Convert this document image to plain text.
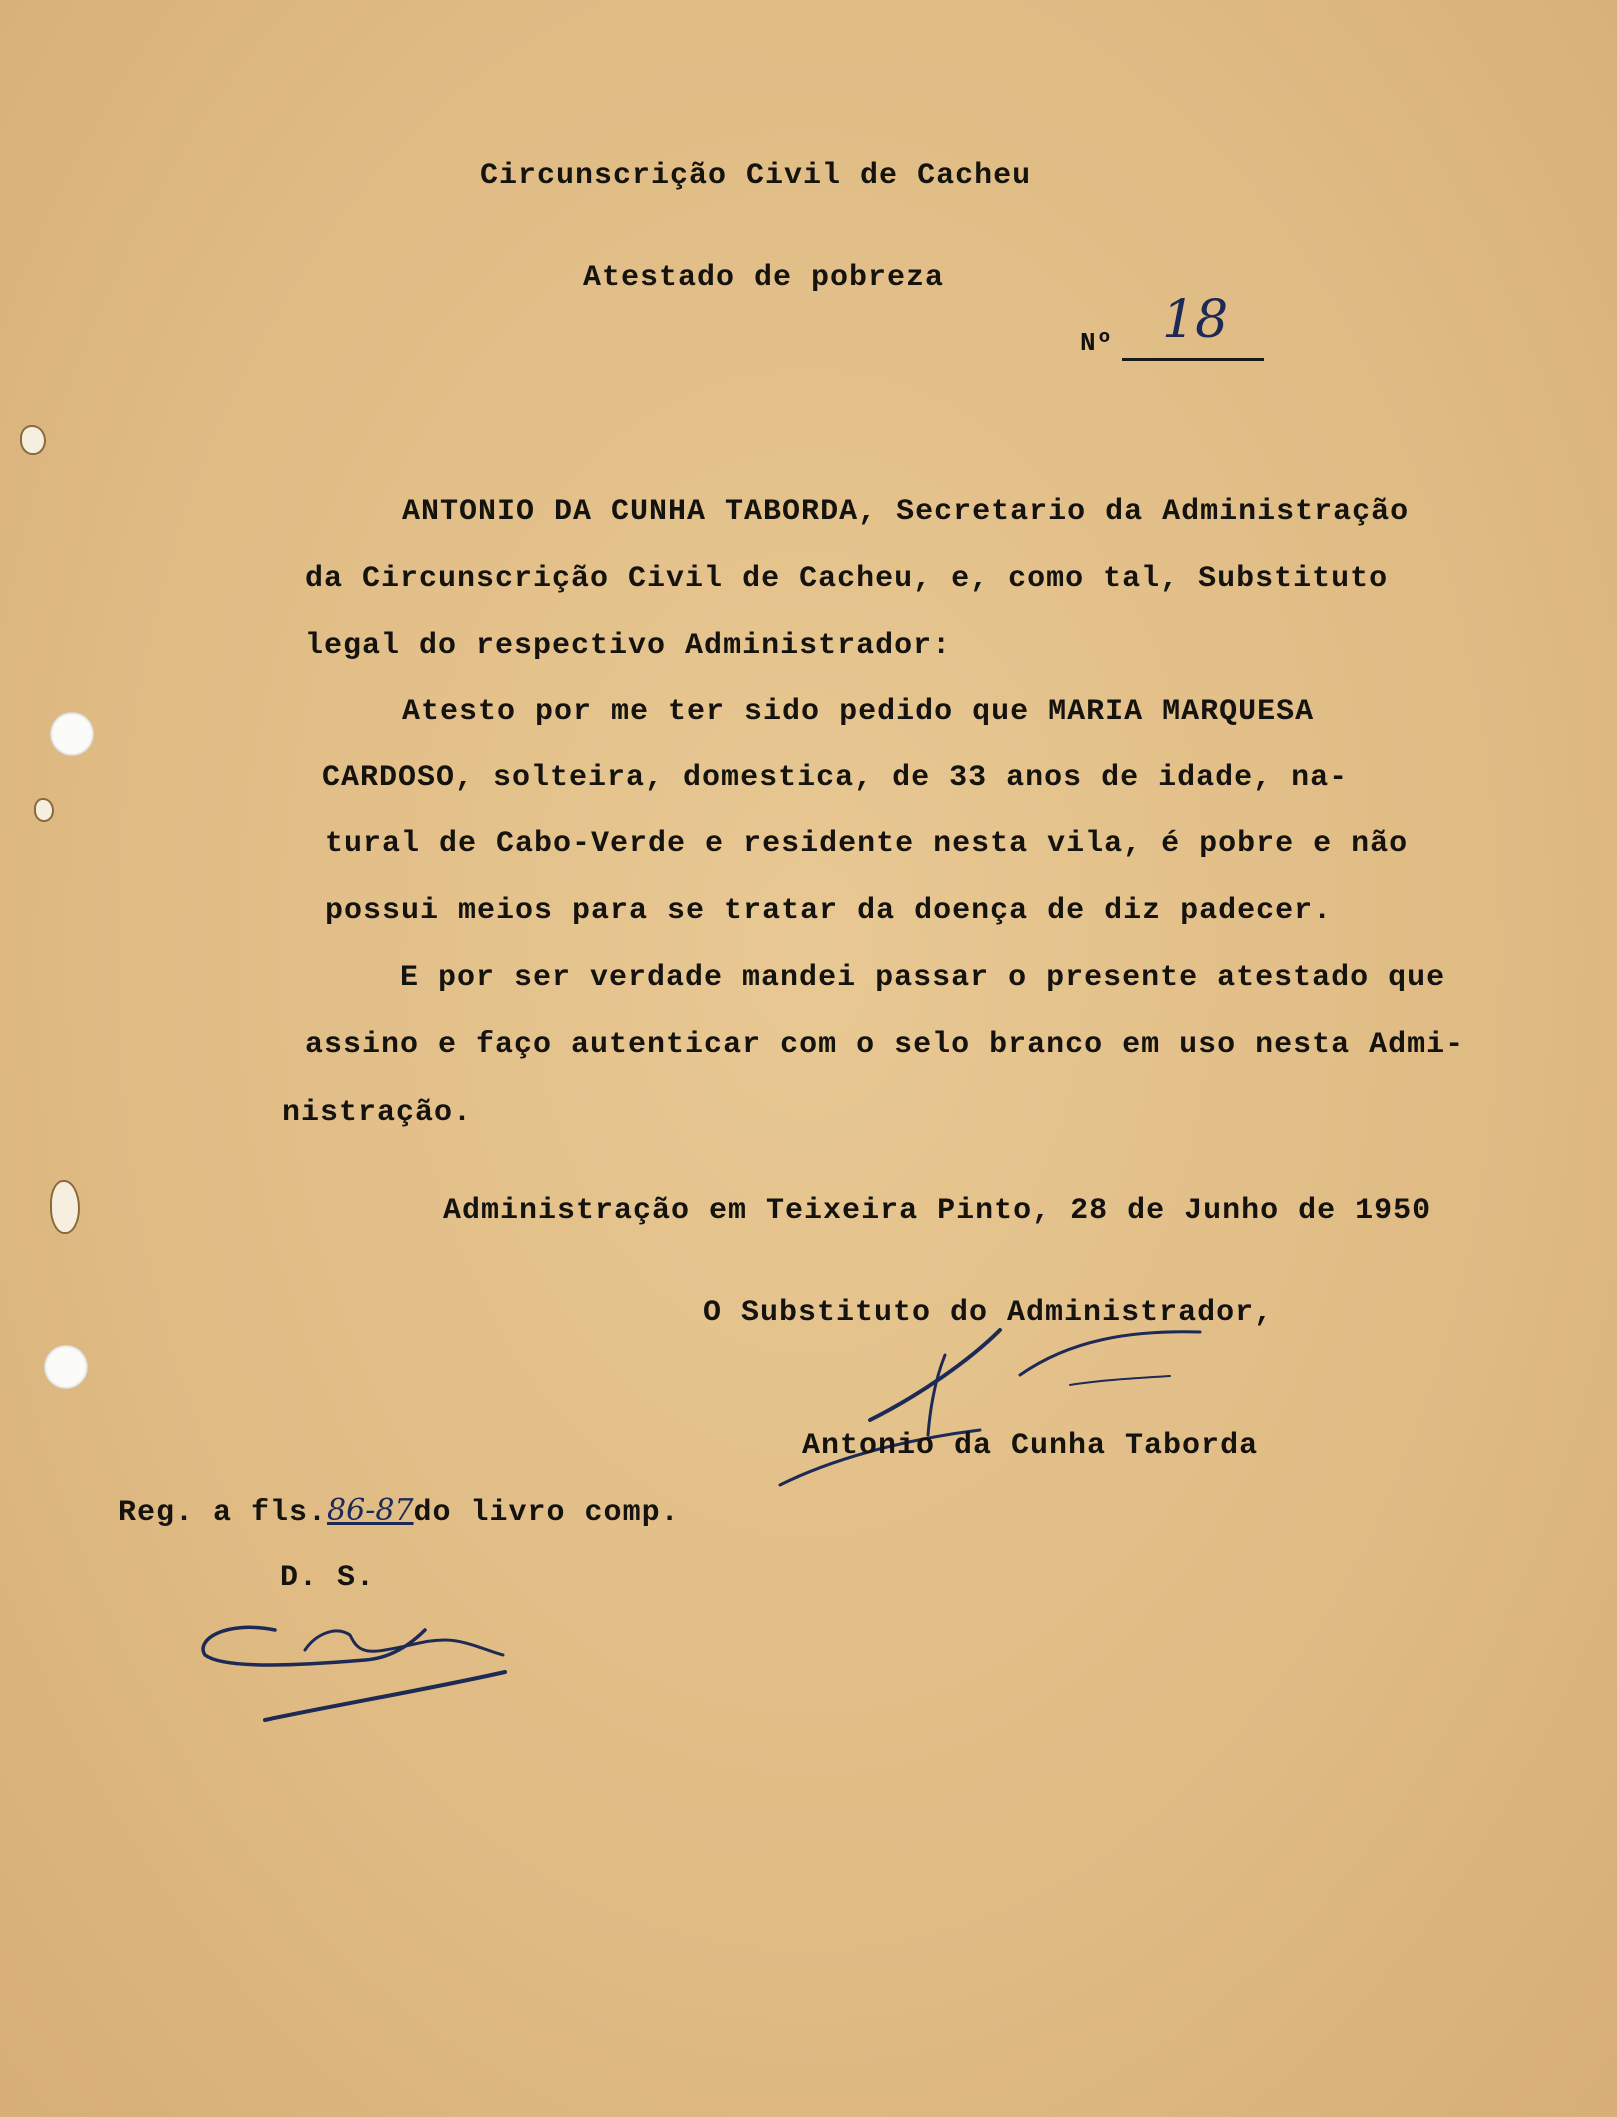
Circunscrição Civil de Cacheu
Atestado de pobreza
Nº 18
ANTONIO DA CUNHA TABORDA, Secretario da Administração
da Circunscrição Civil de Cacheu, e, como tal, Substituto
legal do respectivo Administrador:
Atesto por me ter sido pedido que MARIA MARQUESA
CARDOSO, solteira, domestica, de 33 anos de idade, na-
tural de Cabo-Verde e residente nesta vila, é pobre e não
possui meios para se tratar da doença de diz padecer.
E por ser verdade mandei passar o presente atestado que
assino e faço autenticar com o selo branco em uso nesta Admi-
nistração.
Administração em Teixeira Pinto, 28 de Junho de 1950
O Substituto do Administrador,
Antonio da Cunha Taborda
Reg. a fls.86-87do livro comp.
D. S.
